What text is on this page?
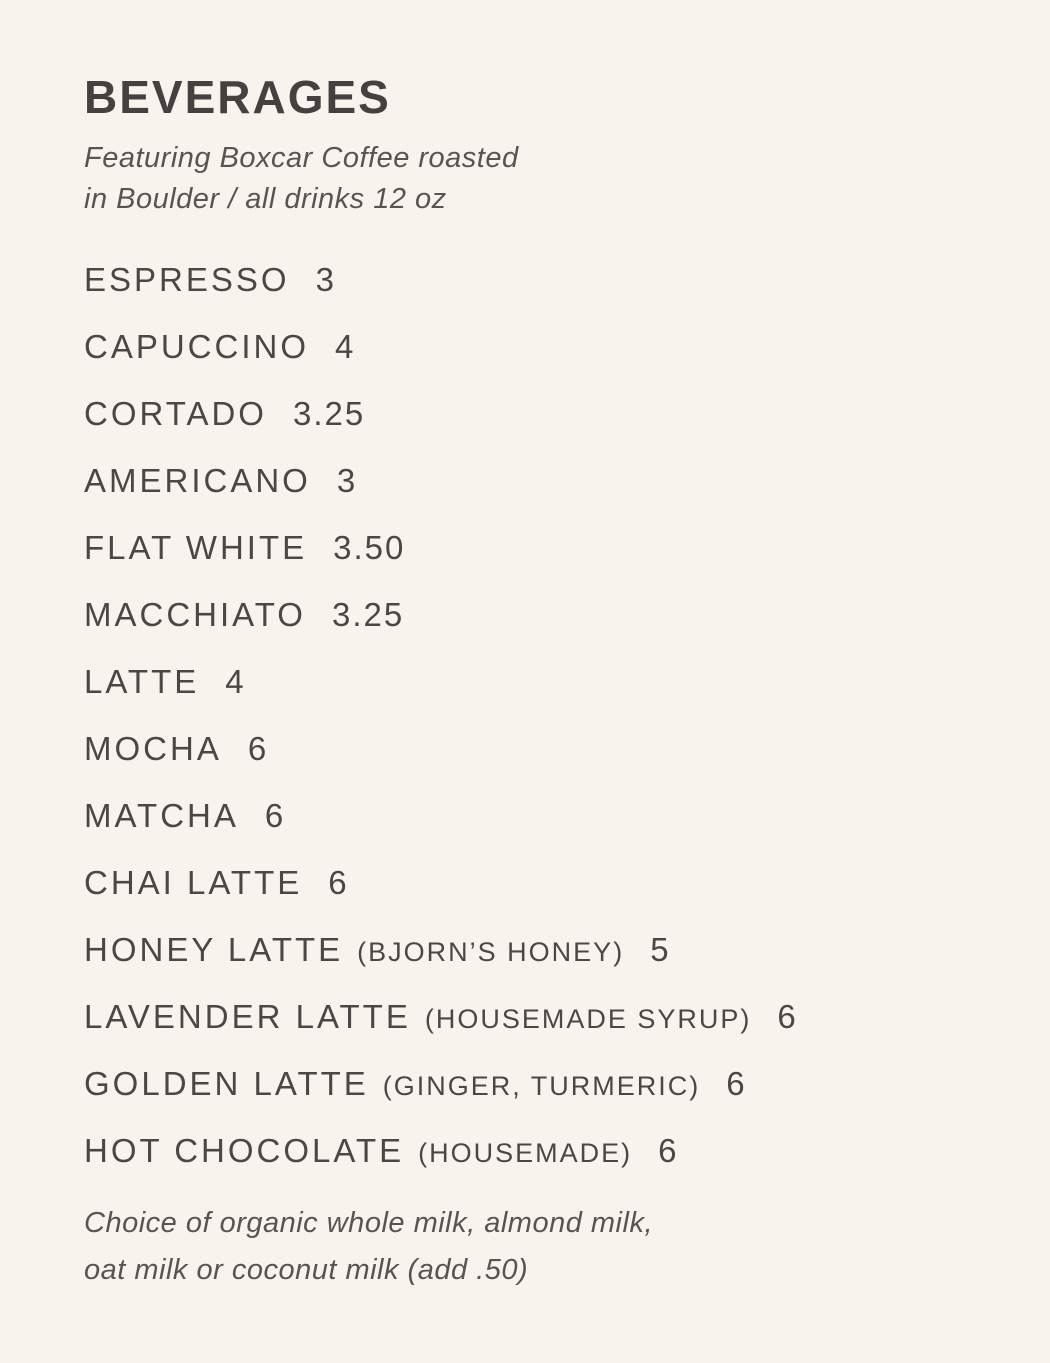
BEVERAGES
Featuring Boxcar Coffee roasted
in Boulder / all drinks 12 oz
ESPRESSO 3
CAPUCCINO 4
CORTADO 3.25
AMERICANO 3
FLAT WHITE 3.50
MACCHIATO 3.25
LATTE 4
MOCHA 6
MATCHA 6
CHAI LATTE 6
HONEY LATTE (BJORN’S HONEY) 5
LAVENDER LATTE (HOUSEMADE SYRUP) 6
GOLDEN LATTE (GINGER, TURMERIC) 6
HOT CHOCOLATE (HOUSEMADE) 6
Choice of organic whole milk, almond milk,
oat milk or coconut milk (add .50)
